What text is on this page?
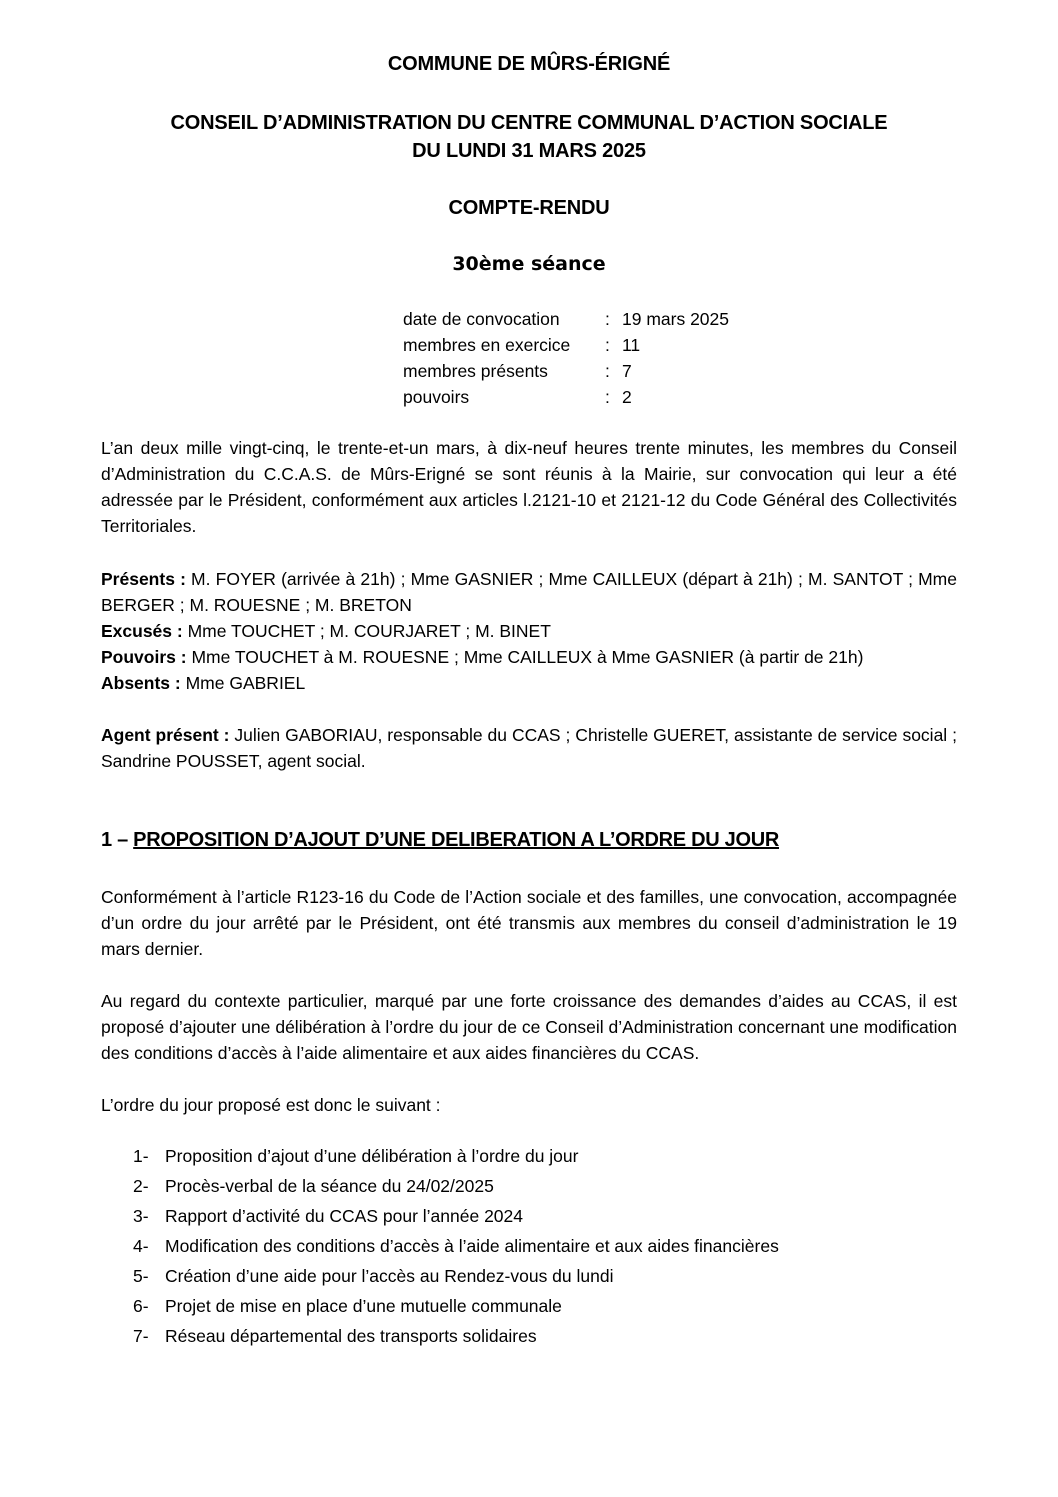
COMMUNE DE MÛRS-ÉRIGNÉ
CONSEIL D’ADMINISTRATION DU CENTRE COMMUNAL D’ACTION SOCIALE
DU LUNDI 31 MARS 2025
COMPTE-RENDU
30ème séance
date de convocation	: 19 mars 2025
membres en exercice	: 11
membres présents	: 7
pouvoirs	: 2
L’an deux mille vingt-cinq, le trente-et-un mars, à dix-neuf heures trente minutes, les membres du Conseil d’Administration du C.C.A.S. de Mûrs-Erigné se sont réunis à la Mairie, sur convocation qui leur a été adressée par le Président, conformément aux articles l.2121-10 et 2121-12 du Code Général des Collectivités Territoriales.
Présents : M. FOYER (arrivée à 21h) ; Mme GASNIER ; Mme CAILLEUX (départ à 21h) ; M. SANTOT ; Mme BERGER ; M. ROUESNE ; M. BRETON
Excusés : Mme TOUCHET ; M. COURJARET ; M. BINET
Pouvoirs : Mme TOUCHET à M. ROUESNE ; Mme CAILLEUX à Mme GASNIER (à partir de 21h)
Absents : Mme GABRIEL
Agent présent : Julien GABORIAU, responsable du CCAS ; Christelle GUERET, assistante de service social ; Sandrine POUSSET, agent social.
1 – PROPOSITION D’AJOUT D’UNE DELIBERATION A L’ORDRE DU JOUR
Conformément à l’article R123-16 du Code de l’Action sociale et des familles, une convocation, accompagnée d’un ordre du jour arrêté par le Président, ont été transmis aux membres du conseil d’administration le 19 mars dernier.
Au regard du contexte particulier, marqué par une forte croissance des demandes d’aides au CCAS, il est proposé d’ajouter une délibération à l’ordre du jour de ce Conseil d’Administration concernant une modification des conditions d’accès à l’aide alimentaire et aux aides financières du CCAS.
L’ordre du jour proposé est donc le suivant :
1- Proposition d’ajout d’une délibération à l’ordre du jour
2- Procès-verbal de la séance du 24/02/2025
3- Rapport d’activité du CCAS pour l’année 2024
4- Modification des conditions d’accès à l’aide alimentaire et aux aides financières
5- Création d’une aide pour l’accès au Rendez-vous du lundi
6- Projet de mise en place d’une mutuelle communale
7- Réseau départemental des transports solidaires
